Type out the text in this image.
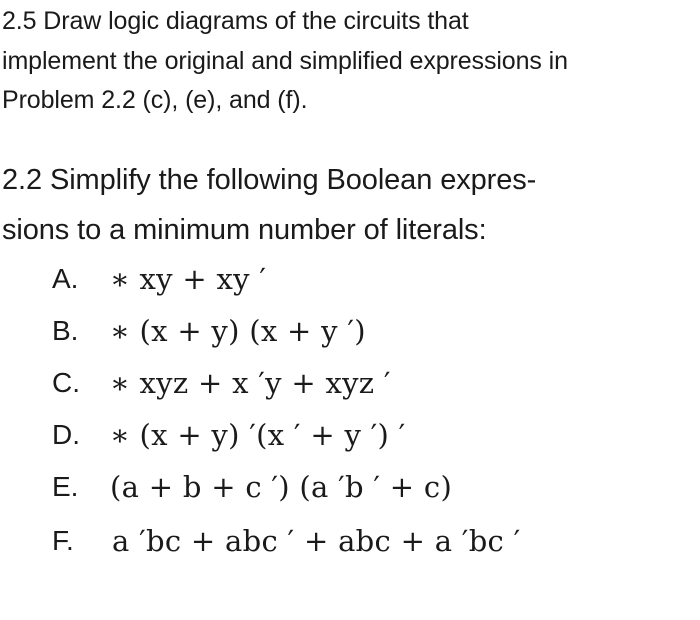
2.5 Draw logic diagrams of the circuits that
implement the original and simplified expressions in
Problem 2.2 (c), (e), and (f).
2.2 Simplify the following Boolean expres-
sions to a minimum number of literals:
A. ∗ xy + xy ′
B. ∗ (x + y) (x + y ′)
C. ∗ xyz + x ′y + xyz ′
D. ∗ (x + y) ′(x ′ + y ′) ′
E. (a + b + c ′) (a ′b ′ + c)
F. a ′bc + abc ′ + abc + a ′bc ′
